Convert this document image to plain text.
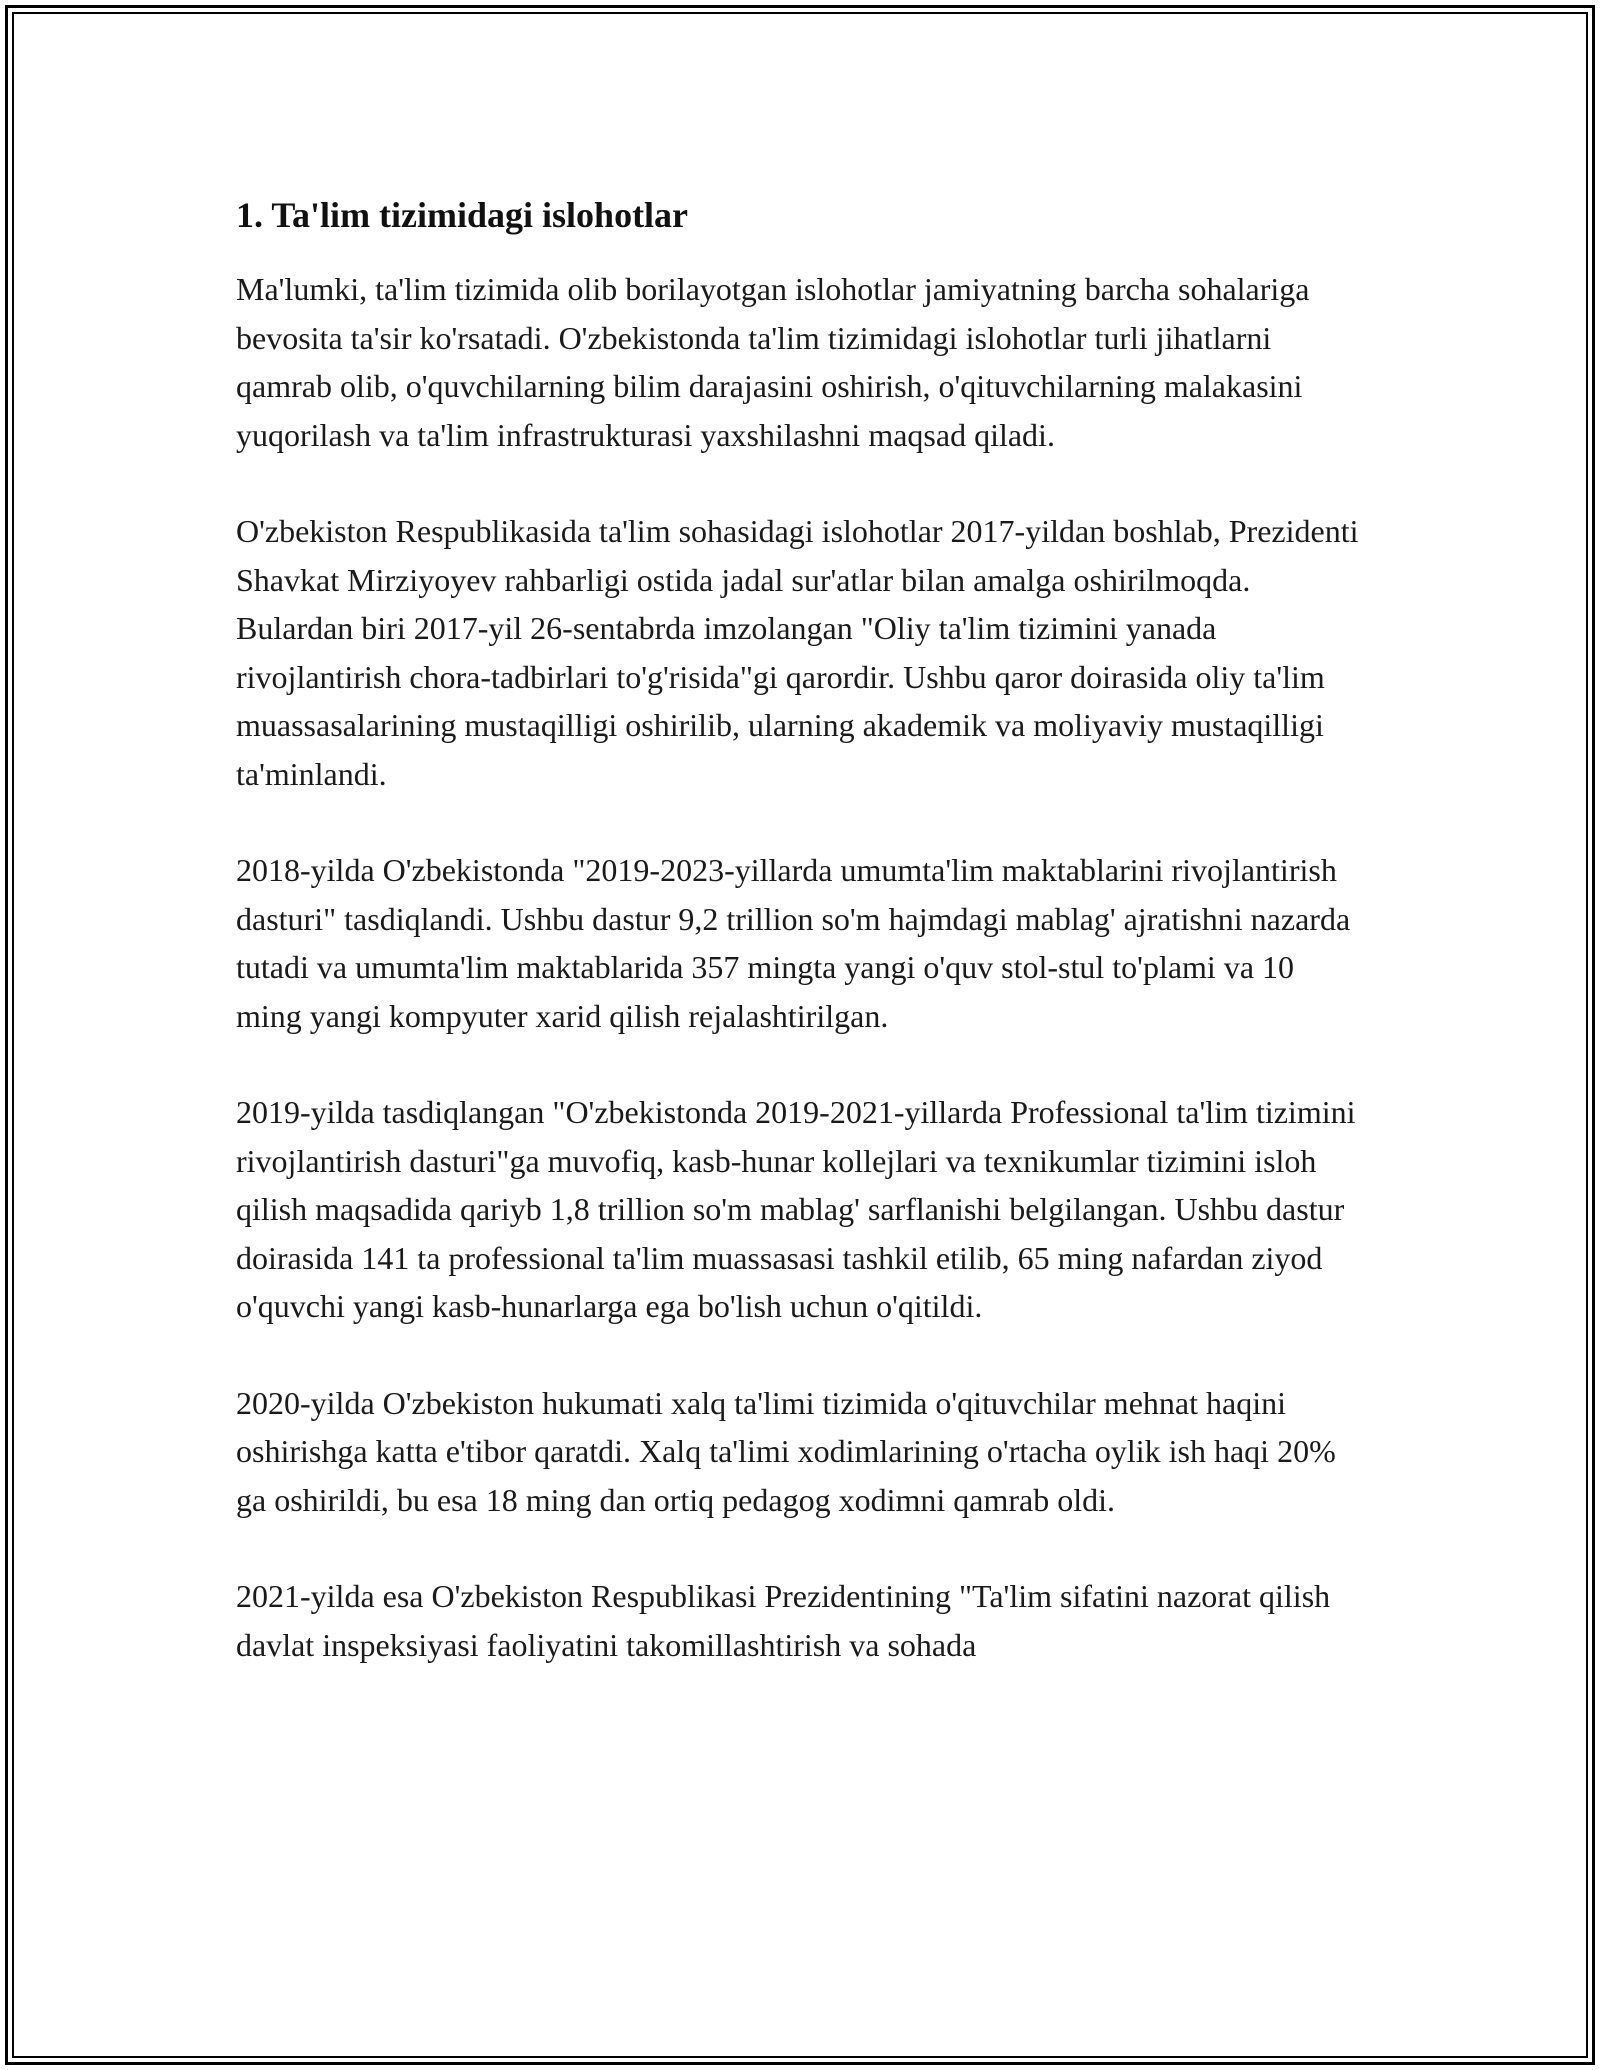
1. Ta'lim tizimidagi islohotlar

Ma'lumki, ta'lim tizimida olib borilayotgan islohotlar jamiyatning barcha sohalariga bevosita ta'sir ko'rsatadi. O'zbekistonda ta'lim tizimidagi islohotlar turli jihatlarni qamrab olib, o'quvchilarning bilim darajasini oshirish, o'qituvchilarning malakasini yuqorilash va ta'lim infrastrukturasi yaxshilashni maqsad qiladi.

O'zbekiston Respublikasida ta'lim sohasidagi islohotlar 2017-yildan boshlab, Prezidenti Shavkat Mirziyoyev rahbarligi ostida jadal sur'atlar bilan amalga oshirilmoqda. Bulardan biri 2017-yil 26-sentabrda imzolangan "Oliy ta'lim tizimini yanada rivojlantirish chora-tadbirlari to'g'risida"gi qarordir. Ushbu qaror doirasida oliy ta'lim muassasalarining mustaqilligi oshirilib, ularning akademik va moliyaviy mustaqilligi ta'minlandi.

2018-yilda O'zbekistonda "2019-2023-yillarda umumta'lim maktablarini rivojlantirish dasturi" tasdiqlandi. Ushbu dastur 9,2 trillion so'm hajmdagi mablag' ajratishni nazarda tutadi va umumta'lim maktablarida 357 mingta yangi o'quv stol-stul to'plami va 10 ming yangi kompyuter xarid qilish rejalashtirilgan.

2019-yilda tasdiqlangan "O'zbekistonda 2019-2021-yillarda Professional ta'lim tizimini rivojlantirish dasturi"ga muvofiq, kasb-hunar kollejlari va texnikumlar tizimini isloh qilish maqsadida qariyb 1,8 trillion so'm mablag' sarflanishi belgilangan. Ushbu dastur doirasida 141 ta professional ta'lim muassasasi tashkil etilib, 65 ming nafardan ziyod o'quvchi yangi kasb-hunarlarga ega bo'lish uchun o'qitildi.

2020-yilda O'zbekiston hukumati xalq ta'limi tizimida o'qituvchilar mehnat haqini oshirishga katta e'tibor qaratdi. Xalq ta'limi xodimlarining o'rtacha oylik ish haqi 20% ga oshirildi, bu esa 18 ming dan ortiq pedagog xodimni qamrab oldi.

2021-yilda esa O'zbekiston Respublikasi Prezidentining "Ta'lim sifatini nazorat qilish davlat inspeksiyasi faoliyatini takomillashtirish va sohada
